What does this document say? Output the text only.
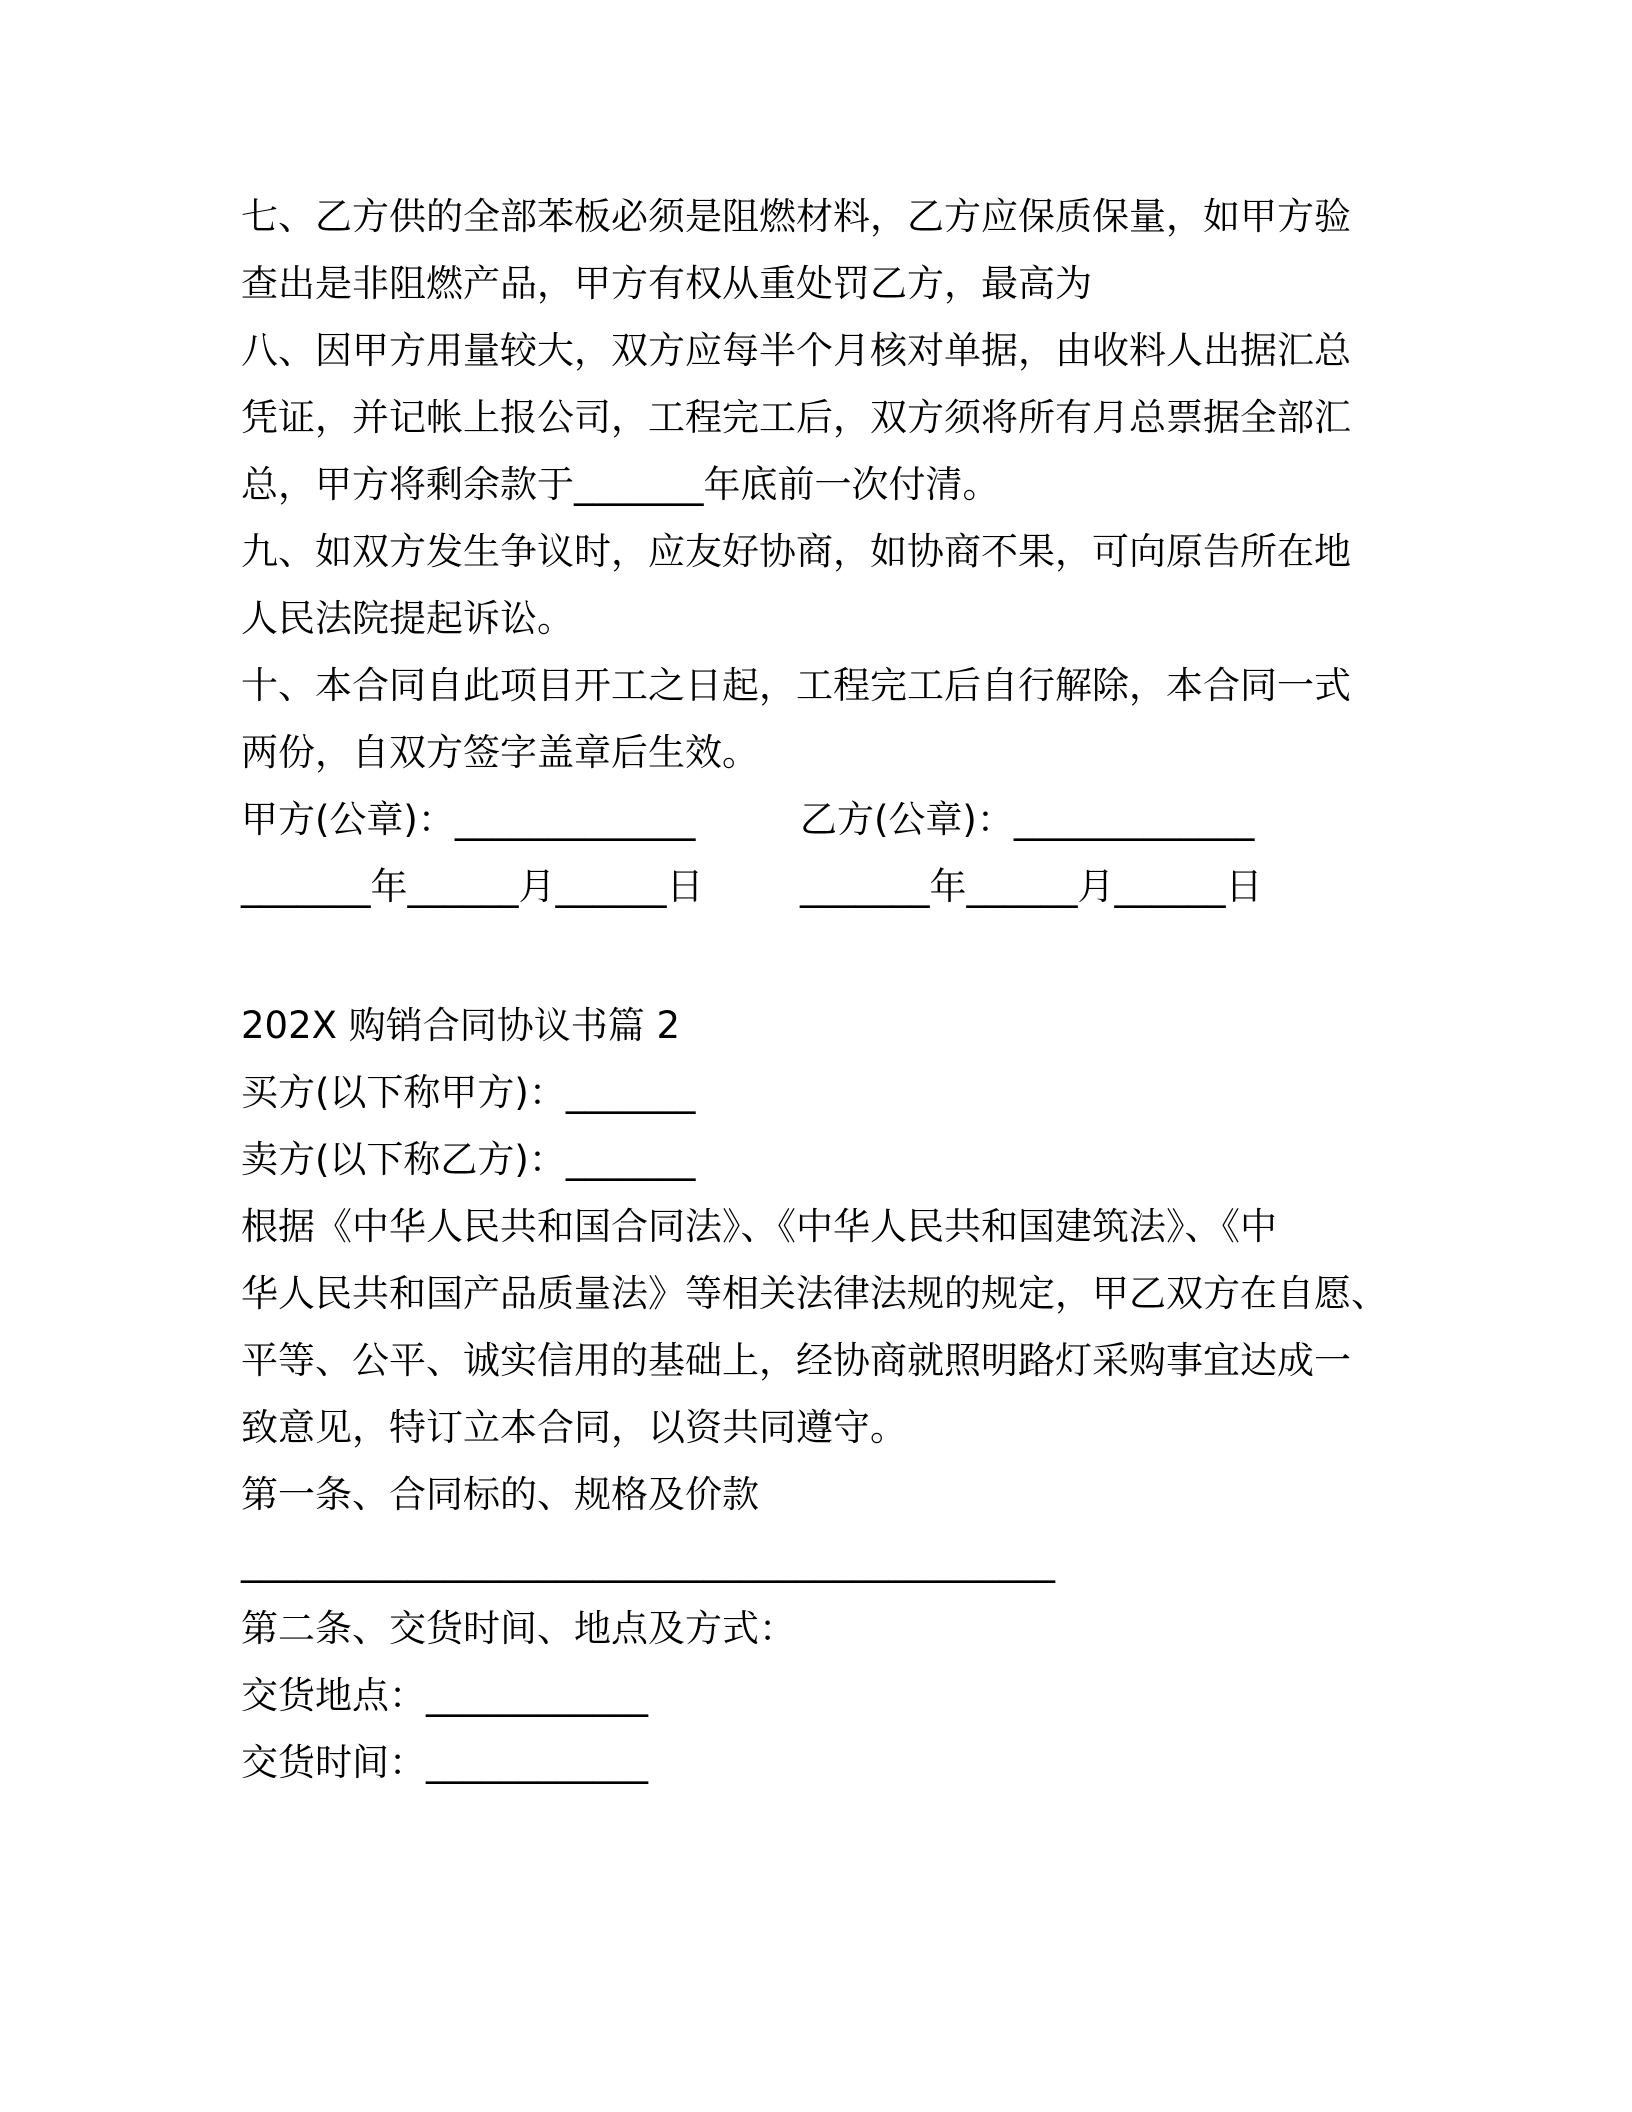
七、乙方供的全部苯板必须是阻燃材料，乙方应保质保量，如甲方验
查出是非阻燃产品，甲方有权从重处罚乙方，最高为
八、因甲方用量较大，双方应每半个月核对单据，由收料人出据汇总
凭证，并记帐上报公司，工程完工后，双方须将所有月总票据全部汇
总，甲方将剩余款于_______年底前一次付清。
九、如双方发生争议时，应友好协商，如协商不果，可向原告所在地
人民法院提起诉讼。
十、本合同自此项目开工之日起，工程完工后自行解除，本合同一式
两份，自双方签字盖章后生效。
甲方(公章)：_____________	乙方(公章)：_____________
_______年______月______日	_______年______月______日
202X 购销合同协议书篇 2
买方(以下称甲方)：_______
卖方(以下称乙方)：_______
根据《中华人民共和国合同法》、《中华人民共和国建筑法》、《中
华人民共和国产品质量法》等相关法律法规的规定，甲乙双方在自愿、
平等、公平、诚实信用的基础上，经协商就照明路灯采购事宜达成一
致意见，特订立本合同，以资共同遵守。
第一条、合同标的、规格及价款
____________________________________________
第二条、交货时间、地点及方式：
交货地点：____________
交货时间：____________
